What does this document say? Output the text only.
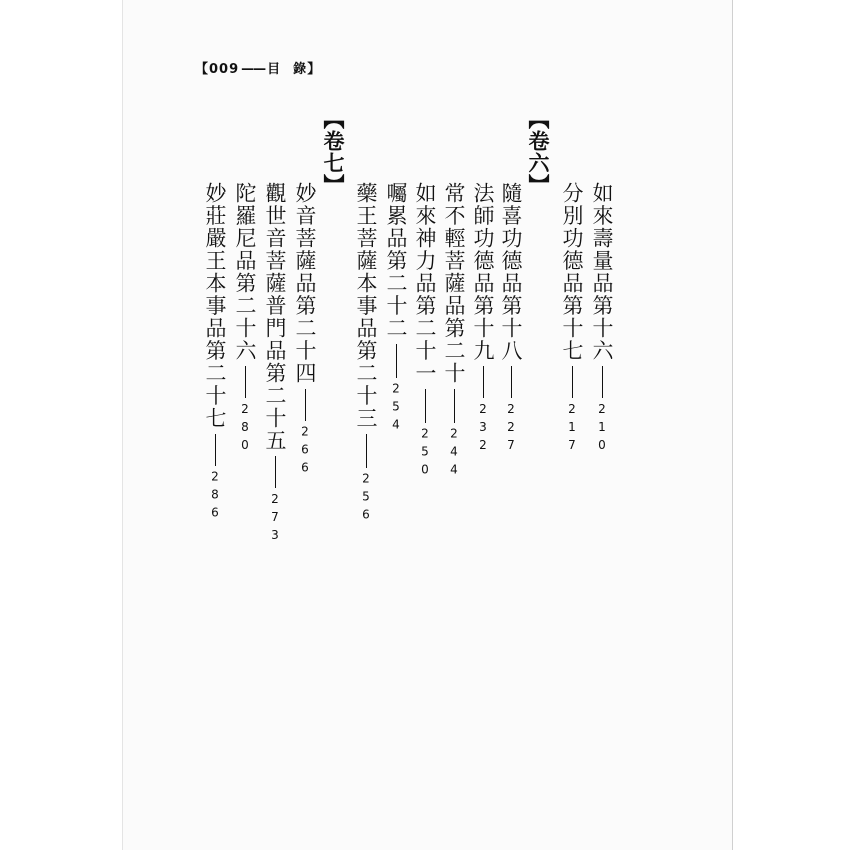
【009 —— 目 錄】
【卷六】
如來壽量品第十六210
分別功德品第十七217
隨喜功德品第十八227
法師功德品第十九232
常不輕菩薩品第二十244
如來神力品第二十一250
囑累品第二十二254
藥王菩薩本事品第二十三256
【卷七】
妙音菩薩品第二十四266
觀世音菩薩普門品第二十五273
陀羅尼品第二十六280
妙莊嚴王本事品第二十七286
